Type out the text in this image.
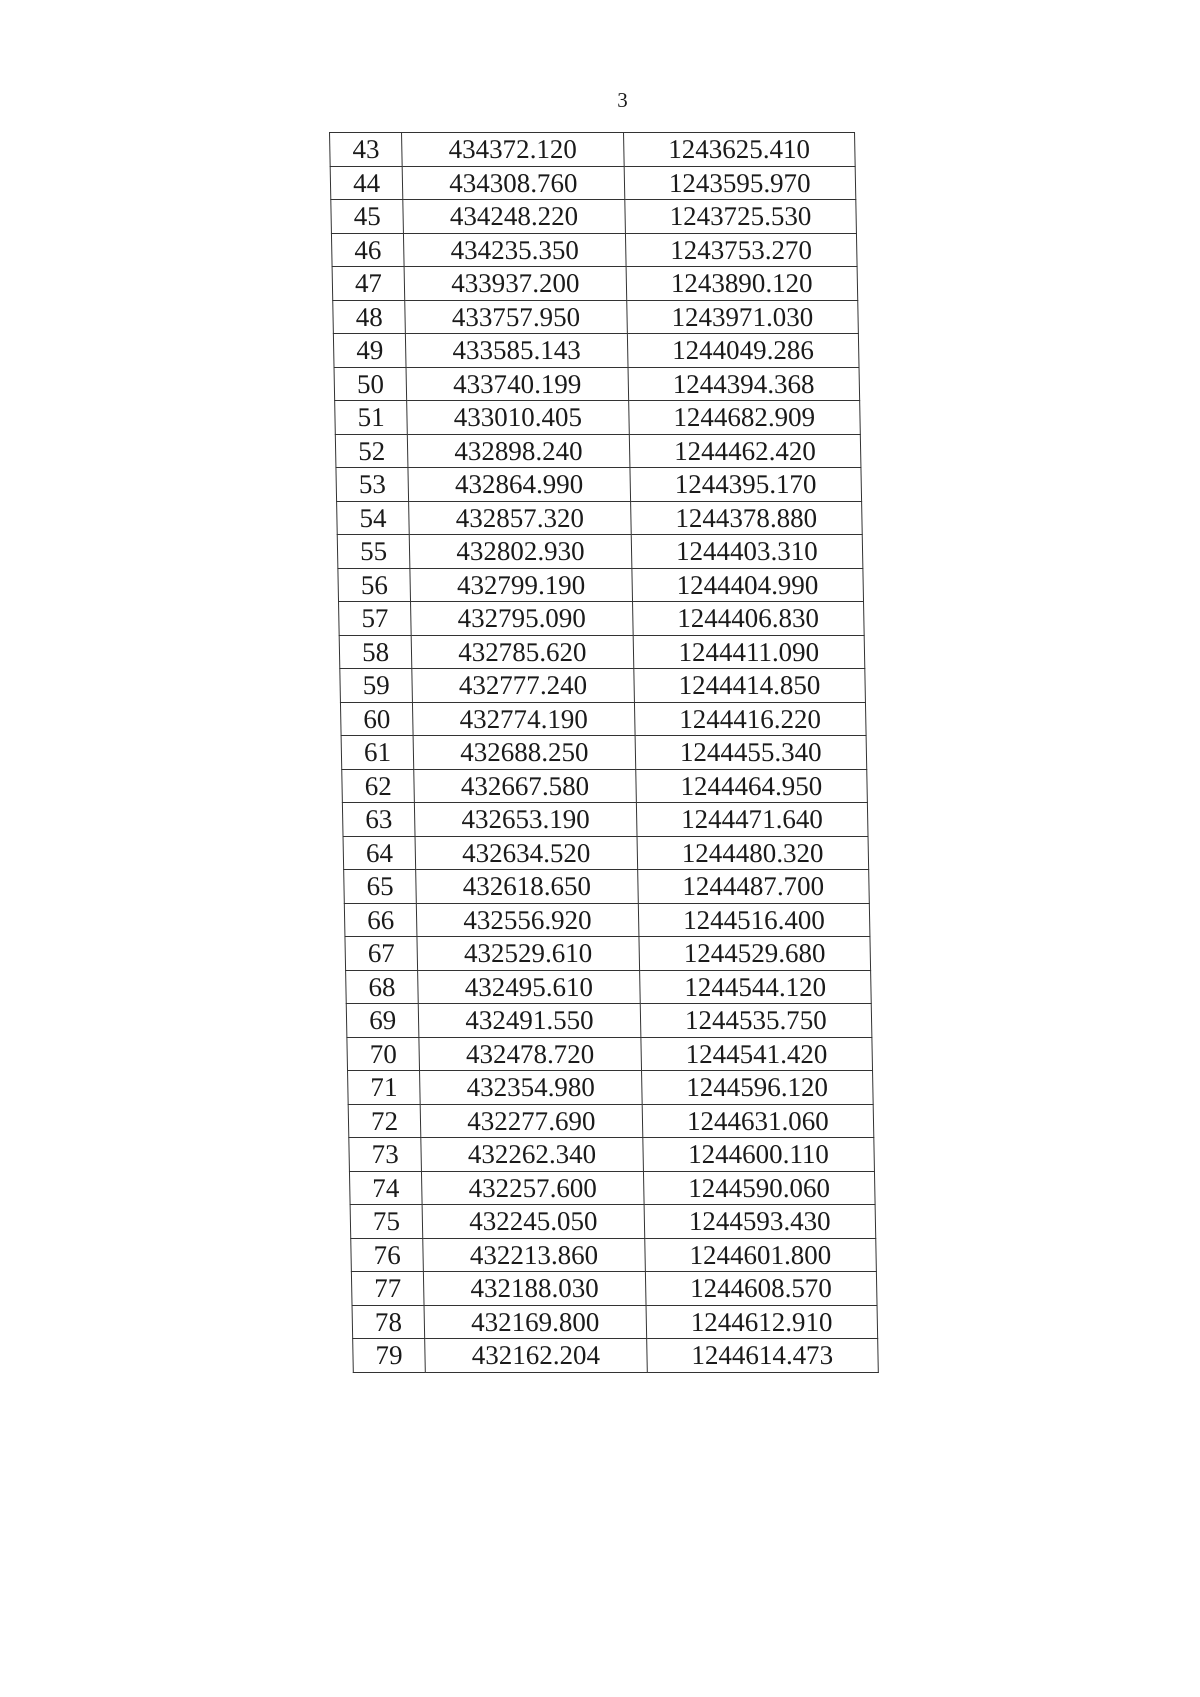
3
43	434372.120	1243625.410
44	434308.760	1243595.970
45	434248.220	1243725.530
46	434235.350	1243753.270
47	433937.200	1243890.120
48	433757.950	1243971.030
49	433585.143	1244049.286
50	433740.199	1244394.368
51	433010.405	1244682.909
52	432898.240	1244462.420
53	432864.990	1244395.170
54	432857.320	1244378.880
55	432802.930	1244403.310
56	432799.190	1244404.990
57	432795.090	1244406.830
58	432785.620	1244411.090
59	432777.240	1244414.850
60	432774.190	1244416.220
61	432688.250	1244455.340
62	432667.580	1244464.950
63	432653.190	1244471.640
64	432634.520	1244480.320
65	432618.650	1244487.700
66	432556.920	1244516.400
67	432529.610	1244529.680
68	432495.610	1244544.120
69	432491.550	1244535.750
70	432478.720	1244541.420
71	432354.980	1244596.120
72	432277.690	1244631.060
73	432262.340	1244600.110
74	432257.600	1244590.060
75	432245.050	1244593.430
76	432213.860	1244601.800
77	432188.030	1244608.570
78	432169.800	1244612.910
79	432162.204	1244614.473
